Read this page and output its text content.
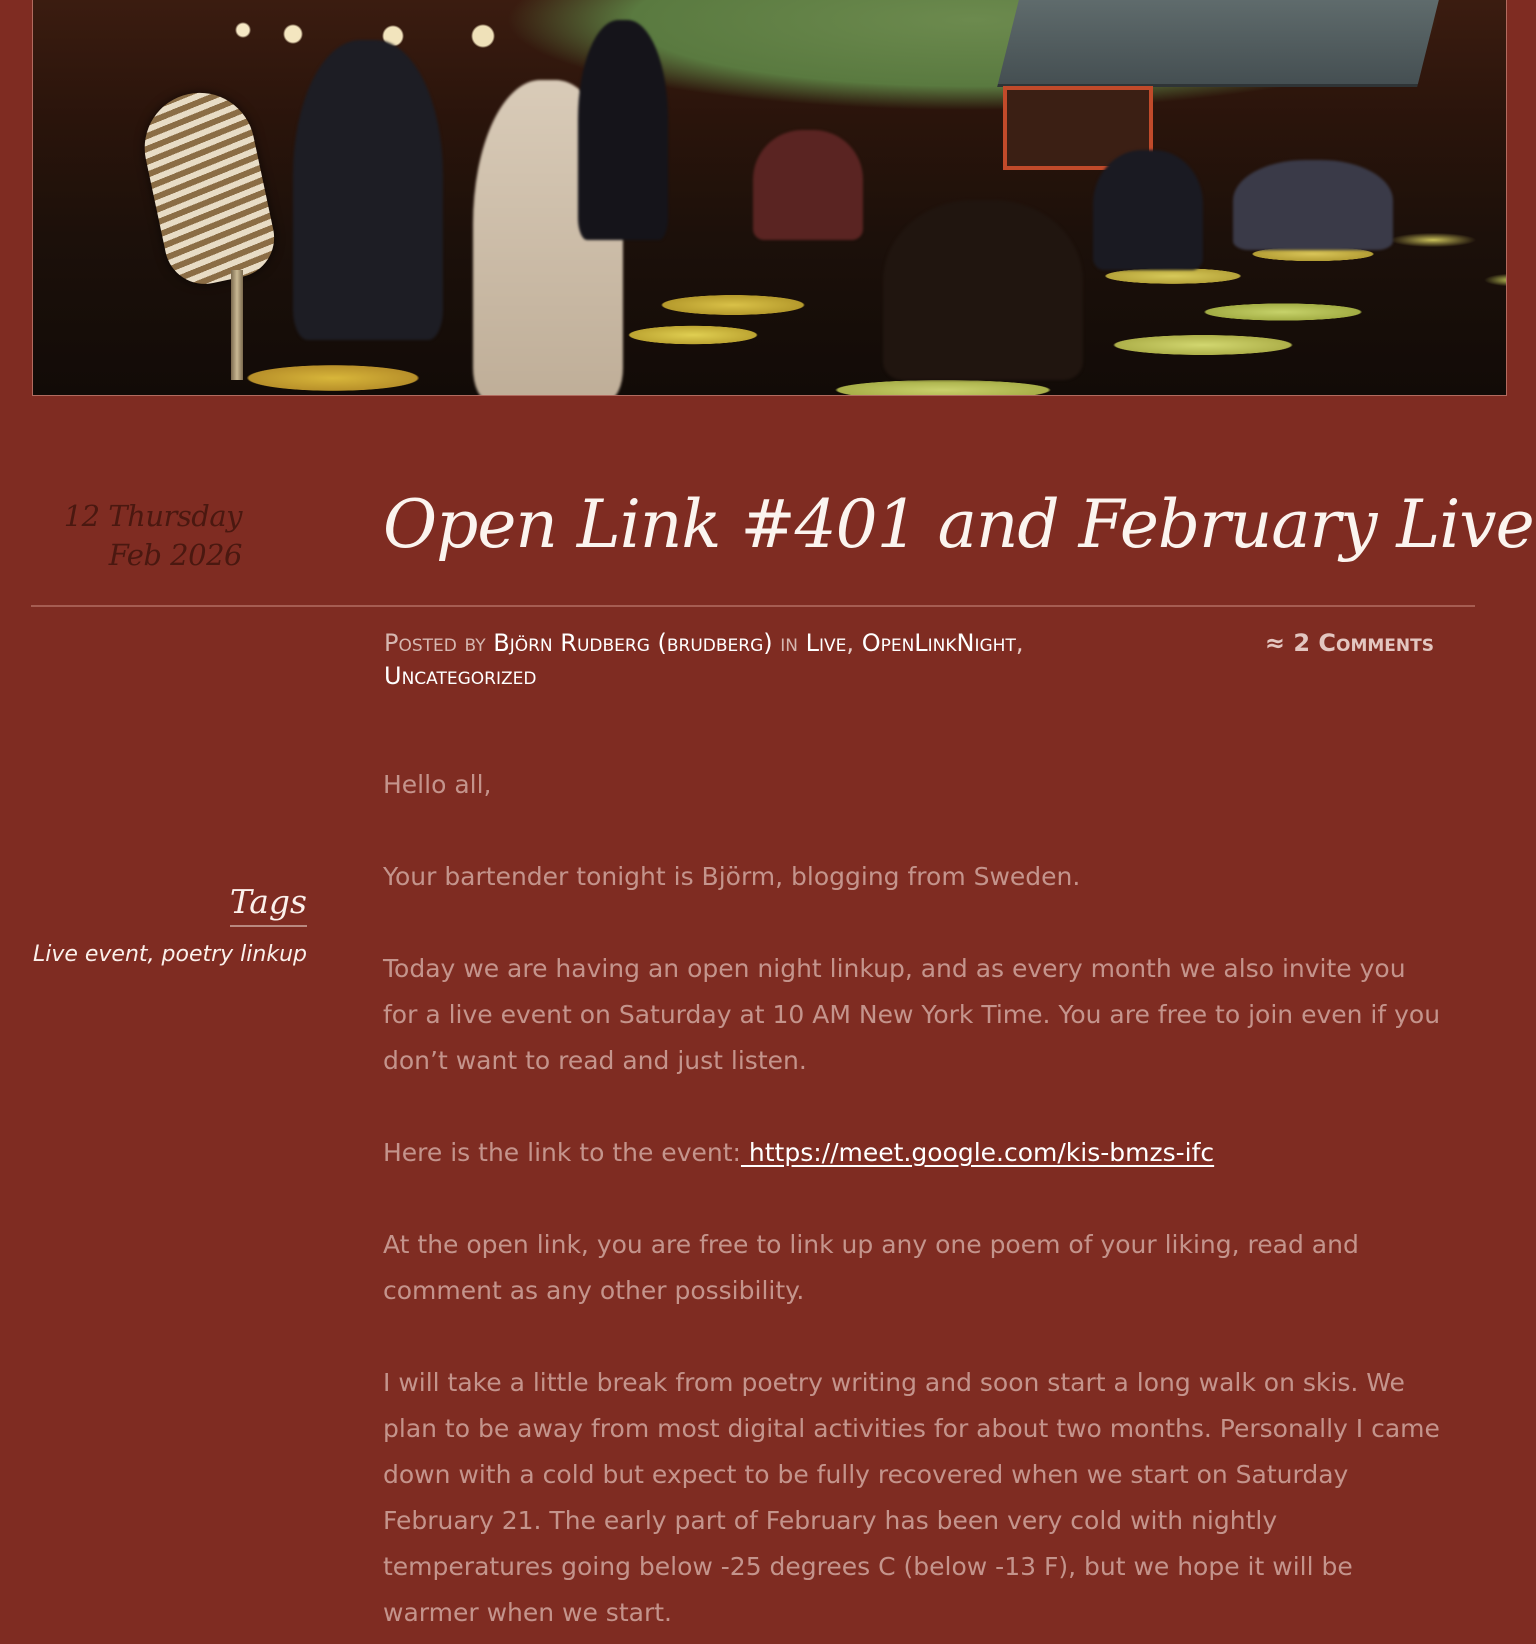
12 Thursday
Feb 2026 Open Link #401 and February Live
Posted by Björn Rudberg (brudberg) in Live, OpenLinkNight, Uncategorized
≈ 2 Comments
Tags
Live event, poetry linkup

Hello all,

Your bartender tonight is Björm, blogging from Sweden.

Today we are having an open night linkup, and as every month we also invite you for a live event on Saturday at 10 AM New York Time. You are free to join even if you don’t want to read and just listen.

Here is the link to the event: https://meet.google.com/kis-bmzs-ifc

At the open link, you are free to link up any one poem of your liking, read and comment as any other possibility.

I will take a little break from poetry writing and soon start a long walk on skis. We plan to be away from most digital activities for about two months. Personally I came down with a cold but expect to be fully recovered when we start on Saturday February 21. The early part of February has been very cold with nightly temperatures going below -25 degrees C (below -13 F), but we hope it will be warmer when we start.
